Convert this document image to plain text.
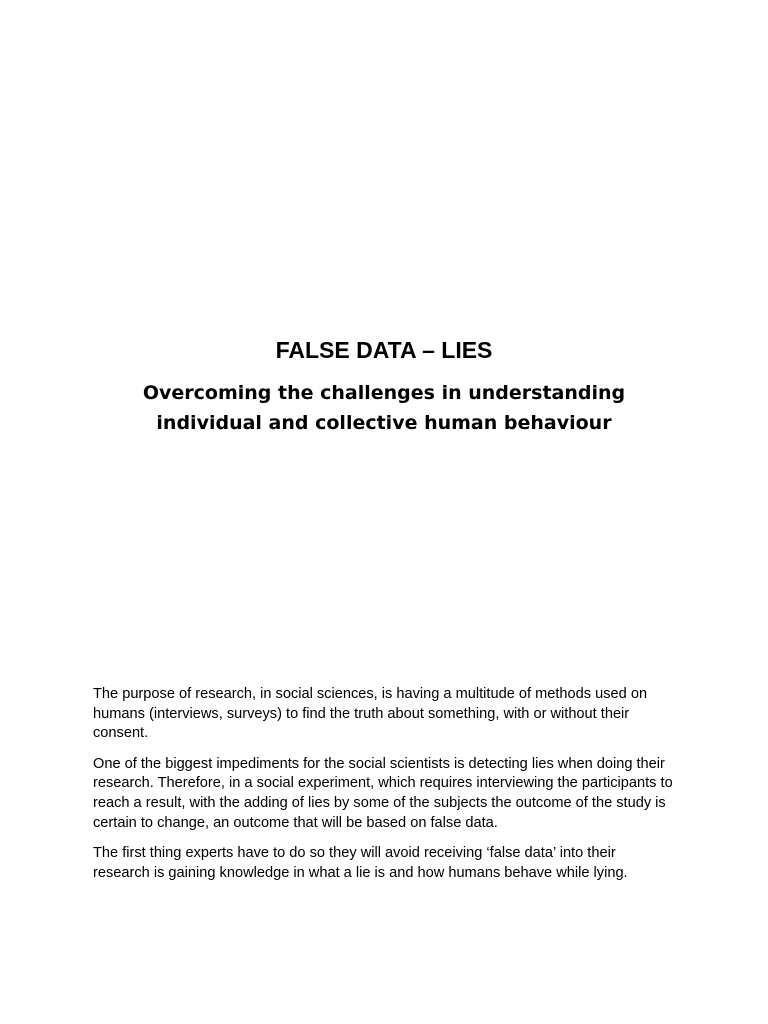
FALSE DATA – LIES
Overcoming the challenges in understanding
individual and collective human behaviour

The purpose of research, in social sciences, is having a multitude of methods used on humans (interviews, surveys) to find the truth about something, with or without their consent.

One of the biggest impediments for the social scientists is detecting lies when doing their research. Therefore, in a social experiment, which requires interviewing the participants to reach a result, with the adding of lies by some of the subjects the outcome of the study is certain to change, an outcome that will be based on false data.

The first thing experts have to do so they will avoid receiving ‘false data’ into their research is gaining knowledge in what a lie is and how humans behave while lying.
